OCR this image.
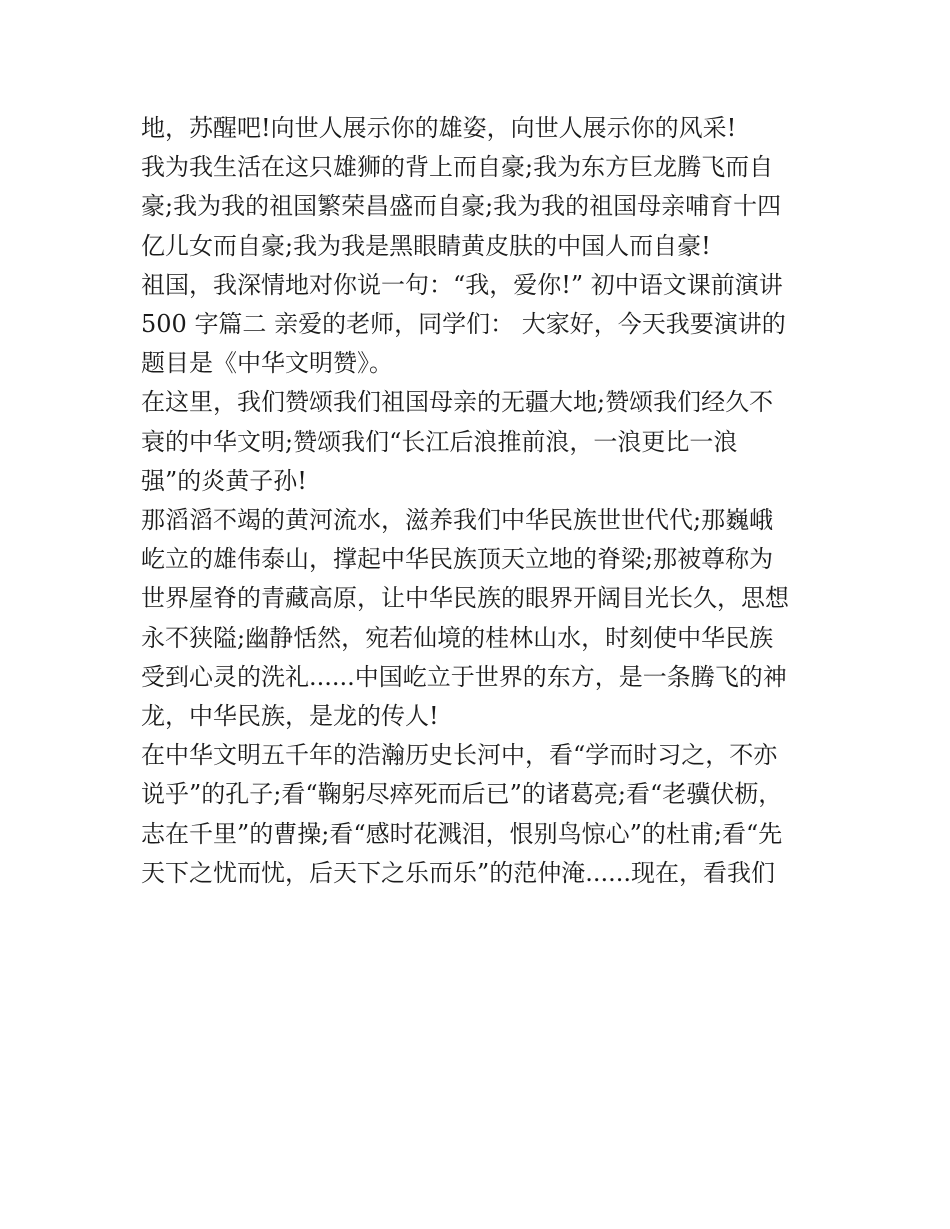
地，苏醒吧!向世人展示你的雄姿，向世人展示你的风采!
我为我生活在这只雄狮的背上而自豪;我为东方巨龙腾飞而自
豪;我为我的祖国繁荣昌盛而自豪;我为我的祖国母亲哺育十四
亿儿女而自豪;我为我是黑眼睛黄皮肤的中国人而自豪!
祖国，我深情地对你说一句：“我，爱你!” 初中语文课前演讲
500 字篇二 亲爱的老师，同学们： 大家好，今天我要演讲的
题目是《中华文明赞》。
在这里，我们赞颂我们祖国母亲的无疆大地;赞颂我们经久不
衰的中华文明;赞颂我们“长江后浪推前浪，一浪更比一浪
强”的炎黄子孙!
那滔滔不竭的黄河流水，滋养我们中华民族世世代代;那巍峨
屹立的雄伟泰山，撑起中华民族顶天立地的脊梁;那被尊称为
世界屋脊的青藏高原，让中华民族的眼界开阔目光长久，思想
永不狭隘;幽静恬然，宛若仙境的桂林山水，时刻使中华民族
受到心灵的洗礼......中国屹立于世界的东方，是一条腾飞的神
龙，中华民族，是龙的传人!
在中华文明五千年的浩瀚历史长河中，看“学而时习之，不亦
说乎”的孔子;看“鞠躬尽瘁死而后已”的诸葛亮;看“老骥伏枥，
志在千里”的曹操;看“感时花溅泪，恨别鸟惊心”的杜甫;看“先
天下之忧而忧，后天下之乐而乐”的范仲淹......现在，看我们
